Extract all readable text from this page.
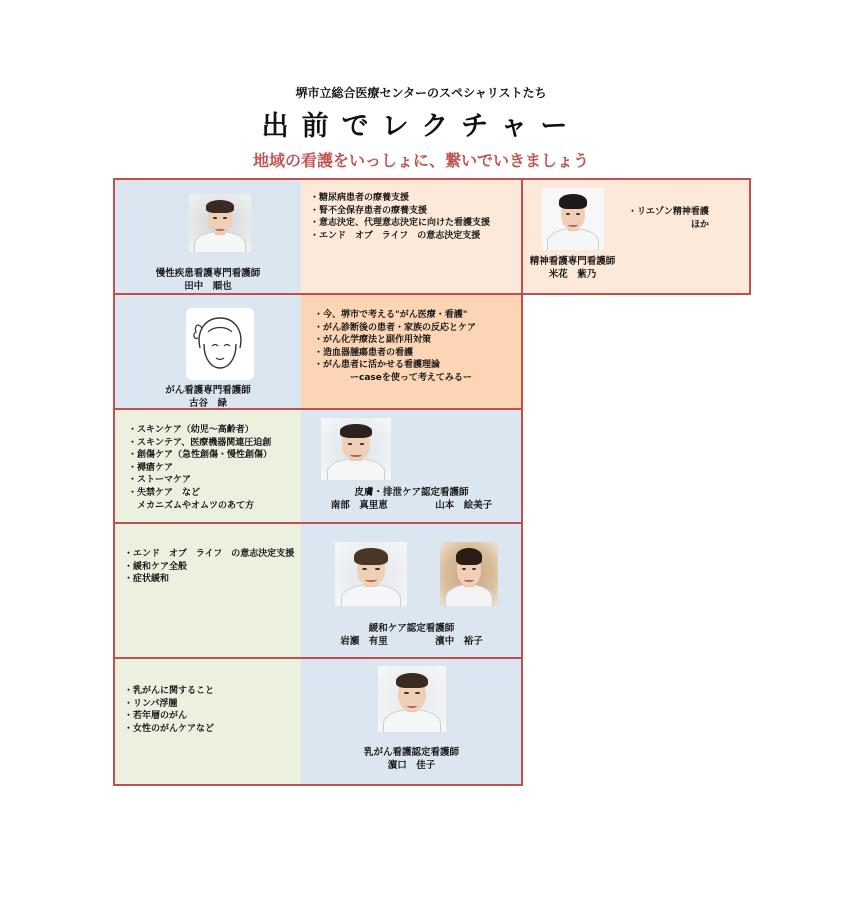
堺市立総合医療センターのスペシャリストたち
出前でレクチャー
地域の看護をいっしょに、繋いでいきましょう
慢性疾患看護専門看護師
田中　順也
・糖尿病患者の療養支援
・腎不全保存患者の療養支援
・意志決定、代理意志決定に向けた看護支援
・エンド　オブ　ライフ　の意志決定支援
精神看護専門看護師
米花　紫乃
・リエゾン精神看護
　　　　　　　ほか
がん看護専門看護師
古谷　緑
・今、堺市で考える"がん医療・看護"
・がん診断後の患者・家族の反応とケア
・がん化学療法と副作用対策
・造血器腫瘍患者の看護
・がん患者に活かせる看護理論
　　　　ーcaseを使って考えてみるー
・スキンケア（幼児～高齢者）
・スキンテア、医療機器関連圧迫創
・創傷ケア（急性創傷・慢性創傷）
・褥瘡ケア
・ストーマケア
・失禁ケア　など
　メカニズムやオムツのあて方
皮膚・排泄ケア認定看護師
南部　真里恵　　　　　山本　絵美子
・エンド　オブ　ライフ　の意志決定支援
・緩和ケア全般
・症状緩和
緩和ケア認定看護師
岩瀬　有里　　　　　濱中　裕子
・乳がんに関すること
・リンパ浮腫
・若年層のがん
・女性のがんケアなど
乳がん看護認定看護師
濵口　佳子
